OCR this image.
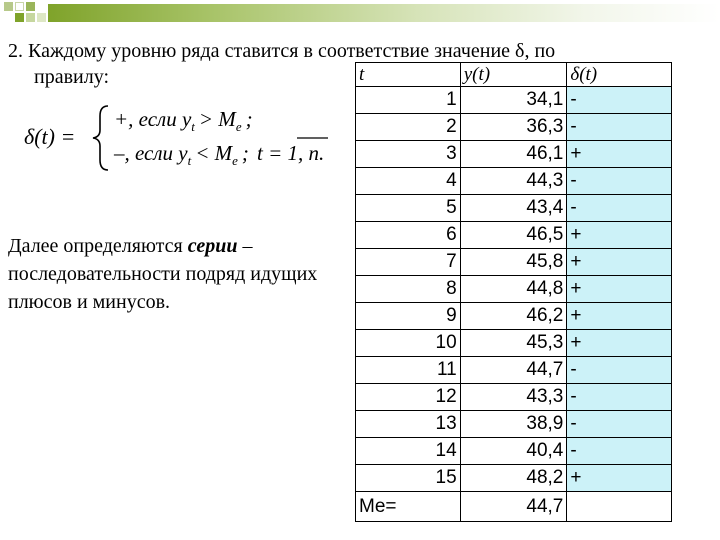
2. Каждому уровню ряда ставится в соответствие значение δ, по
правилу:
δ(t) =
+, если $y_t > M_e$ ;
–, если $y_t < M_e$ ; t = 1, n.
Далее определяются серии – последовательности подряд идущих плюсов и минусов.
t	y(t)	δ(t)
1	34,1	-
2	36,3	-
3	46,1	+
4	44,3	-
5	43,4	-
6	46,5	+
7	45,8	+
8	44,8	+
9	46,2	+
10	45,3	+
11	44,7	-
12	43,3	-
13	38,9	-
14	40,4	-
15	48,2	+
Me=	44,7	
